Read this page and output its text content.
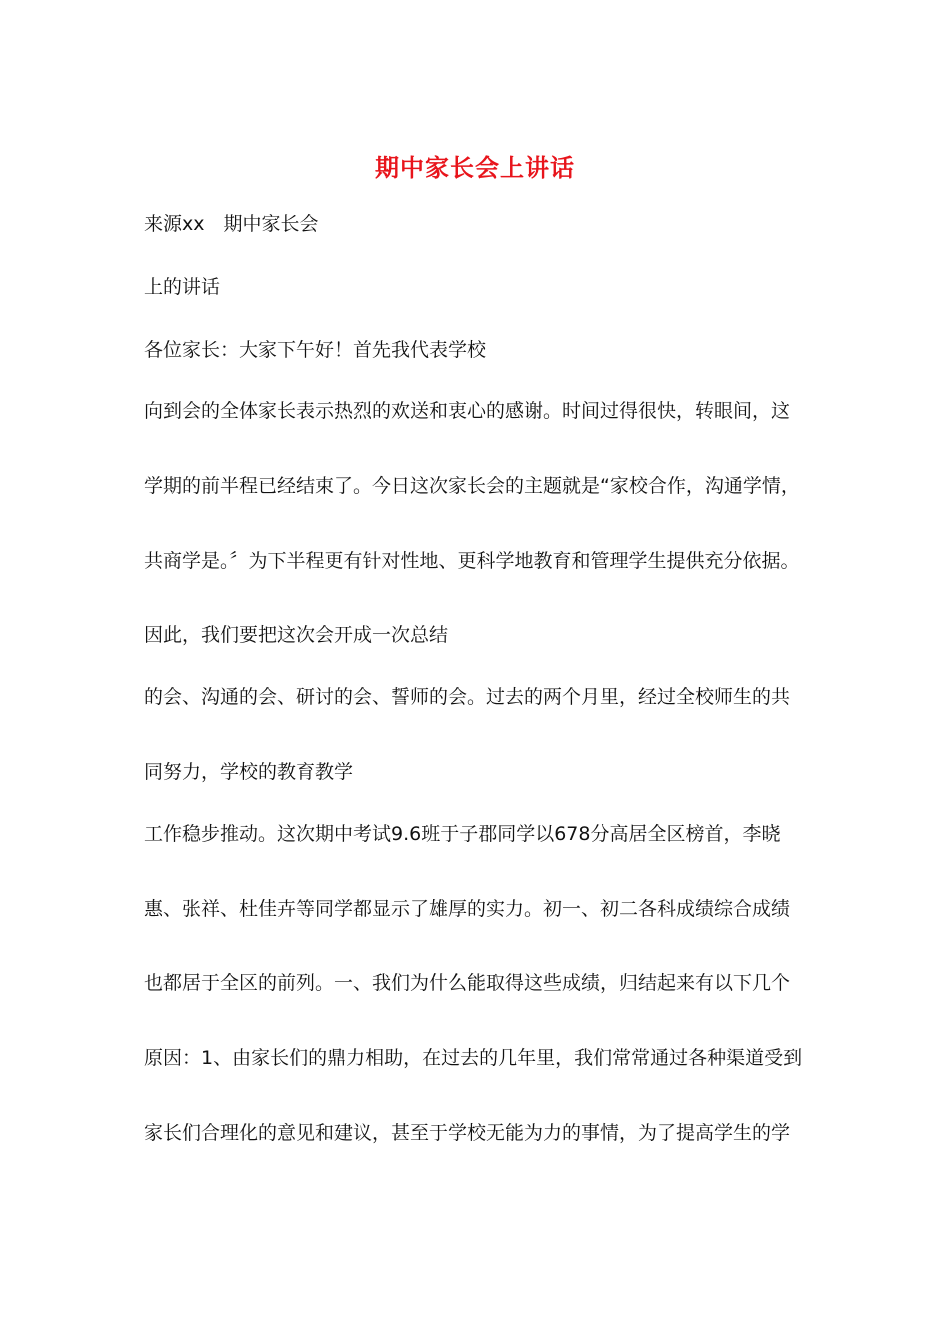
期中家长会上讲话
来源xx　期中家长会
上的讲话
各位家长：大家下午好！首先我代表学校
向到会的全体家长表示热烈的欢送和衷心的感谢。时间过得很快，转眼间，这
学期的前半程已经结束了。今日这次家长会的主题就是“家校合作，沟通学情，
共商学是。〞为下半程更有针对性地、更科学地教育和管理学生提供充分依据。
因此，我们要把这次会开成一次总结
的会、沟通的会、研讨的会、誓师的会。过去的两个月里，经过全校师生的共
同努力，学校的教育教学
工作稳步推动。这次期中考试9.6班于子郡同学以678分高居全区榜首，李晓
惠、张祥、杜佳卉等同学都显示了雄厚的实力。初一、初二各科成绩综合成绩
也都居于全区的前列。一、我们为什么能取得这些成绩，归结起来有以下几个
原因：1、由家长们的鼎力相助，在过去的几年里，我们常常通过各种渠道受到
家长们合理化的意见和建议，甚至于学校无能为力的事情，为了提高学生的学
